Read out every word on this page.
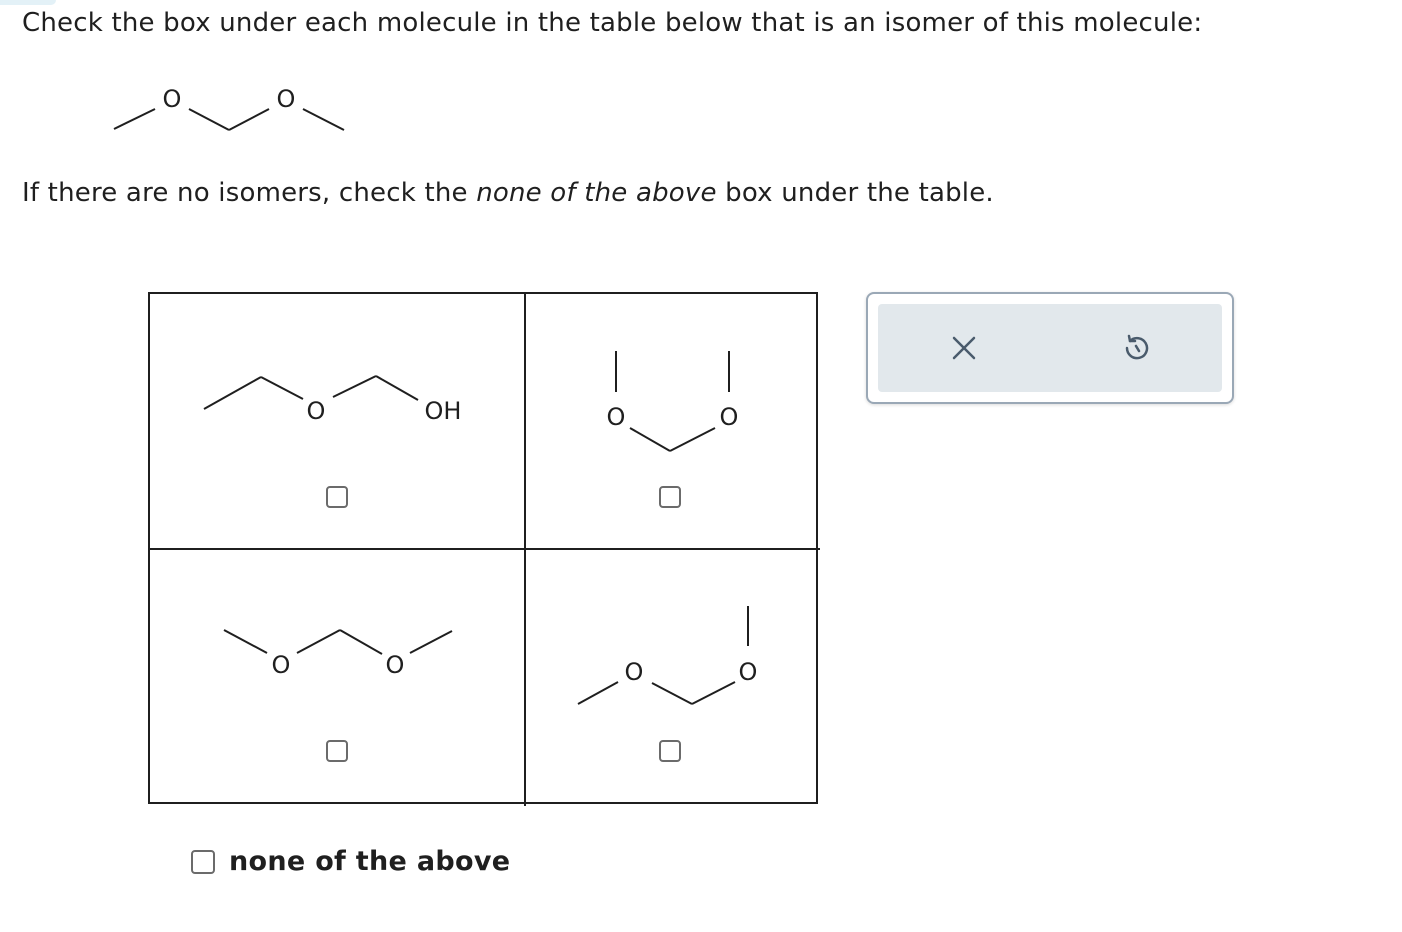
Check the box under each molecule in the table below that is an isomer of this molecule:
O	O
If there are no isomers, check the none of the above box under the table.
O	OH	O	O
O	O	O	O
none of the above
